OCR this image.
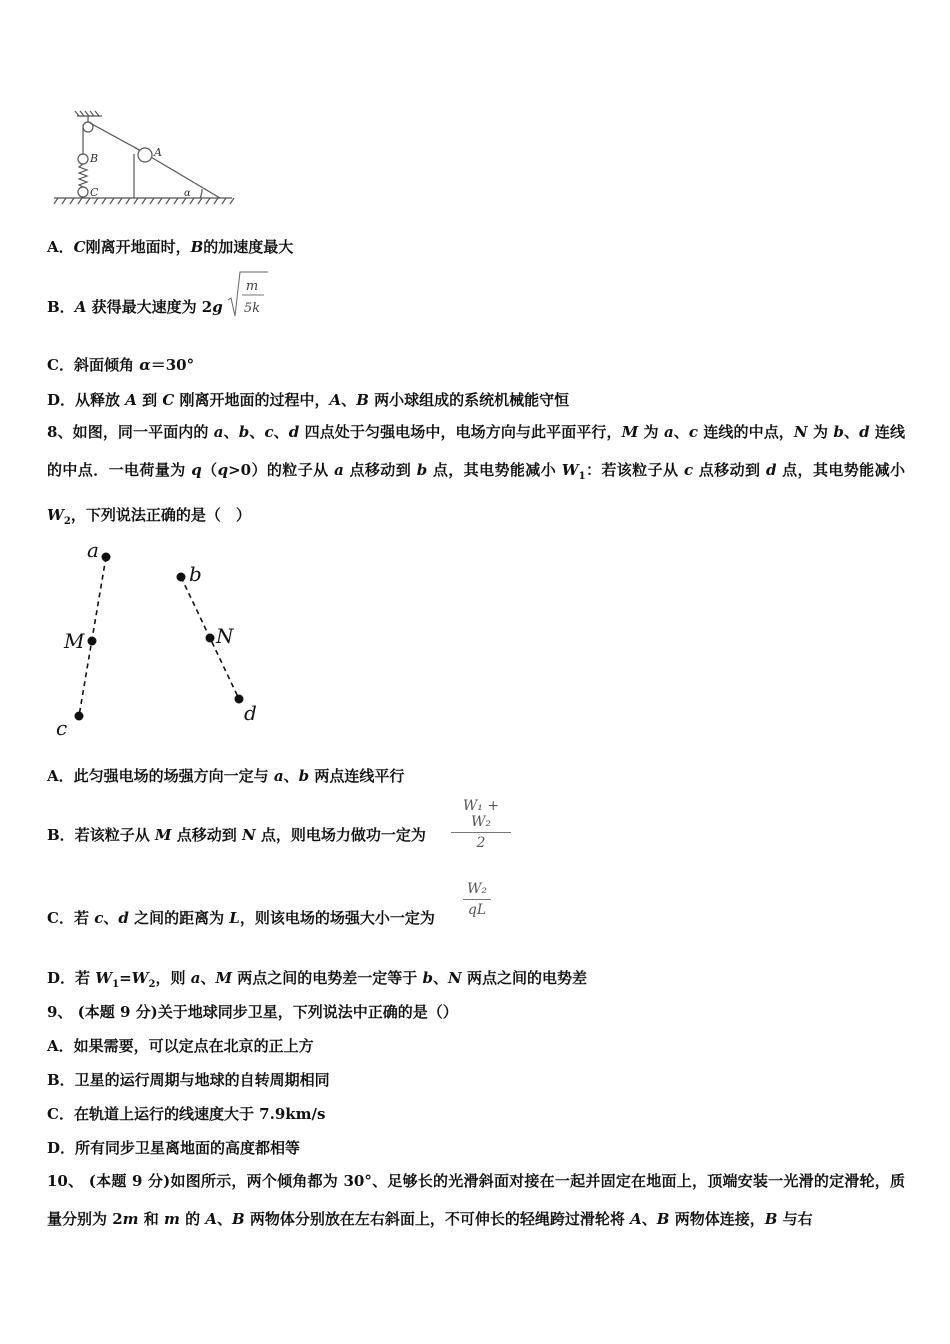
A
B
C	α
A．C刚离开地面时，B的加速度最大
B．A 获得最大速度为 2g
m
5k
C．斜面倾角 α＝30°
D．从释放 A 到 C 刚离开地面的过程中，A、B 两小球组成的系统机械能守恒
8、如图，同一平面内的 a、b、c、d 四点处于匀强电场中，电场方向与此平面平行，M 为 a、c 连线的中点，N 为 b、d 连线的中点．一电荷量为 q（q>0）的粒子从 a 点移动到 b 点，其电势能减小 $W_1$：若该粒子从 c 点移动到 d 点，其电势能减小 $W_2$，下列说法正确的是（　）
a
b
M	N
c
d
A．此匀强电场的场强方向一定与 a、b 两点连线平行
B．若该粒子从 M 点移动到 N 点，则电场力做功一定为
W₁ + W₂
2
C．若 c、d 之间的距离为 L，则该电场的场强大小一定为
W₂
qL
D．若 $W_1=W_2$，则 a、M 两点之间的电势差一定等于 b、N 两点之间的电势差
9、 (本题 9 分)关于地球同步卫星，下列说法中正确的是（）
A．如果需要，可以定点在北京的正上方
B．卫星的运行周期与地球的自转周期相同
C．在轨道上运行的线速度大于 7.9km/s
D．所有同步卫星离地面的高度都相等
10、 (本题 9 分)如图所示，两个倾角都为 30°、足够长的光滑斜面对接在一起并固定在地面上，顶端安装一光滑的定滑轮，质量分别为 2m 和 m 的 A、B 两物体分别放在左右斜面上，不可伸长的轻绳跨过滑轮将 A、B 两物体连接，B 与右
